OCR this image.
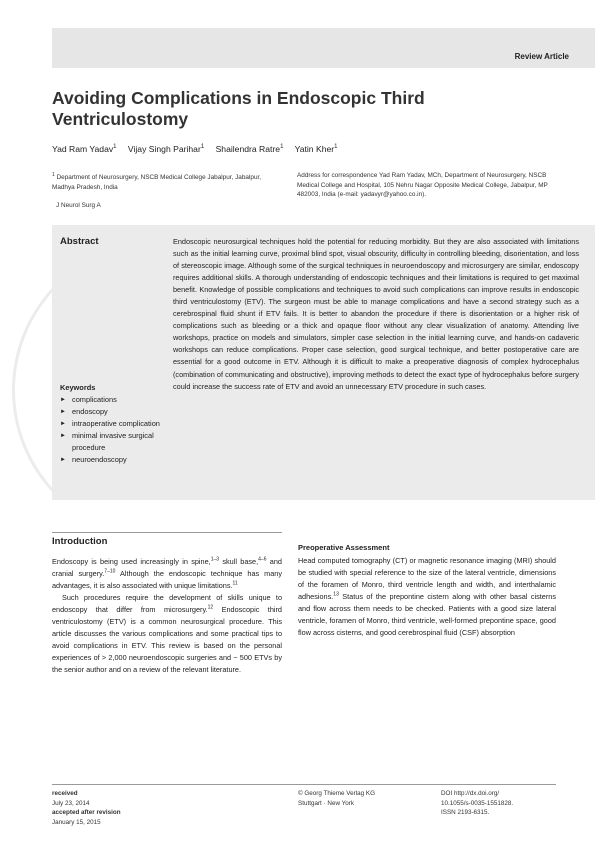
Review Article
Avoiding Complications in Endoscopic Third Ventriculostomy
Yad Ram Yadav$^1$ Vijay Singh Parihar$^1$ Shailendra Ratre$^1$ Yatin Kher$^1$
$^1$ Department of Neurosurgery, NSCB Medical College Jabalpur, Jabalpur, Madhya Pradesh, India
J Neurol Surg A
Address for correspondence Yad Ram Yadav, MCh, Department of Neurosurgery, NSCB Medical College and Hospital, 105 Nehru Nagar Opposite Medical College, Jabalpur, MP 482003, India (e-mail: yadavyr@yahoo.co.in).
Abstract	Endoscopic neurosurgical techniques hold the potential for reducing morbidity. But they are also associated with limitations such as the initial learning curve, proximal blind spot, visual obscurity, difficulty in controlling bleeding, disorientation, and loss of stereoscopic image. Although some of the surgical techniques in neuroendoscopy and microsurgery are similar, endoscopy requires additional skills. A thorough understanding of endoscopic techniques and their limitations is required to get maximal benefit. Knowledge of possible complications and techniques to avoid such complications can improve results in endoscopic third ventriculostomy (ETV). The surgeon must be able to manage complications and have a second strategy such as a cerebrospinal fluid shunt if ETV fails. It is better to abandon the procedure if there is disorientation or a higher risk of complications such as bleeding or a thick and opaque floor without any clear visualization of anatomy. Attending live workshops, practice on models and simulators, simpler case selection in the initial learning curve, and hands-on cadaveric workshops can reduce complications. Proper case selection, good surgical technique, and better postoperative care are essential for a good outcome in ETV. Although it is difficult to make a preoperative diagnosis of complex hydrocephalus (combination of communicating and obstructive), improving methods to detect the exact type of hydrocephalus before surgery could increase the success rate of ETV and avoid an unnecessary ETV procedure in such cases.
Keywords
► complications
► endoscopy
► intraoperative complication
► minimal invasive surgical procedure
► neuroendoscopy
Introduction

Endoscopy is being used increasingly in spine,$^{1-3}$ skull base,$^{4-6}$ and cranial surgery.$^{7-10}$ Although the endoscopic technique has many advantages, it is also associated with unique limitations.$^{11}$

Such procedures require the development of skills unique to endoscopy that differ from microsurgery.$^{12}$ Endoscopic third ventriculostomy (ETV) is a common neurosurgical procedure. This article discusses the various complications and some practical tips to avoid complications in ETV. This review is based on the personal experiences of > 2,000 neuroendoscopic surgeries and ~ 500 ETVs by the senior author and on a review of the relevant literature.

Preoperative Assessment

Head computed tomography (CT) or magnetic resonance imaging (MRI) should be studied with special reference to the size of the lateral ventricle, dimensions of the foramen of Monro, third ventricle length and width, and interthalamic adhesions.$^{13}$ Status of the prepontine cistern along with other basal cisterns and flow across them needs to be checked. Patients with a good size lateral ventricle, foramen of Monro, third ventricle, well-formed prepontine space, good flow across cisterns, and good cerebrospinal fluid (CSF) absorption

received
July 23, 2014
accepted after revision
January 15, 2015
© Georg Thieme Verlag KG
Stuttgart · New York
DOI http://dx.doi.org/
10.1055/s-0035-1551828.
ISSN 2193-6315.
